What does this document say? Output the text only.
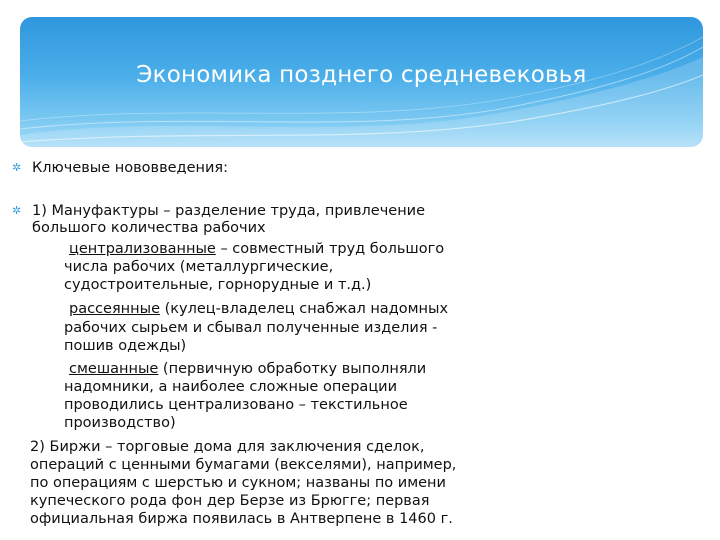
Экономика позднего средневековья
✲ Ключевые нововведения:
✲ 1) Мануфактуры – разделение труда, привлечение
большого количества рабочих
централизованные – совместный труд большого
числа рабочих (металлургические,
судостроительные, горнорудные и т.д.)
рассеянные (кулец-владелец снабжал надомных
рабочих сырьем и сбывал полученные изделия -
пошив одежды)
смешанные (первичную обработку выполняли
надомники, а наиболее сложные операции
проводились централизовано – текстильное
производство)
2) Биржи – торговые дома для заключения сделок,
операций с ценными бумагами (векселями), например,
по операциям с шерстью и сукном; названы по имени
купеческого рода фон дер Берзе из Брюгге; первая
официальная биржа появилась в Антверпене в 1460 г.
